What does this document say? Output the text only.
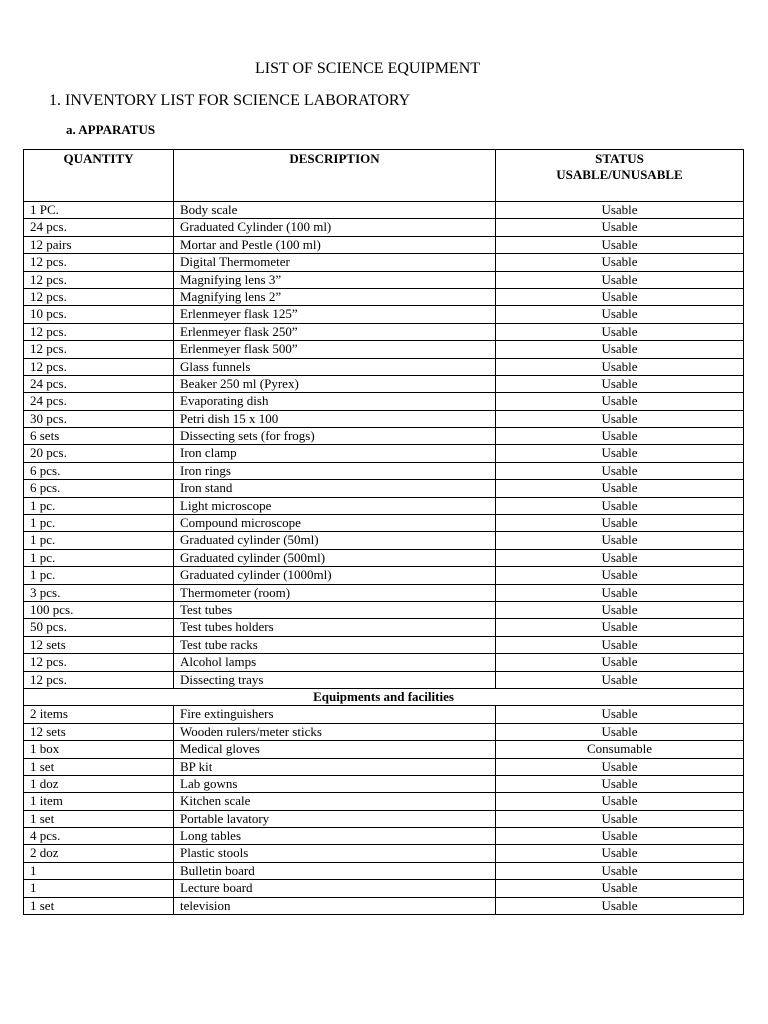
LIST OF SCIENCE EQUIPMENT
1. INVENTORY LIST FOR SCIENCE LABORATORY
a. APPARATUS
QUANTITY	DESCRIPTION	STATUS
USABLE/UNUSABLE

1 PC.	Body scale	Usable
24 pcs.	Graduated Cylinder (100 ml)	Usable
12 pairs	Mortar and Pestle (100 ml)	Usable
12 pcs.	Digital Thermometer	Usable
12 pcs.	Magnifying lens 3”	Usable
12 pcs.	Magnifying lens 2”	Usable
10 pcs.	Erlenmeyer flask 125”	Usable
12 pcs.	Erlenmeyer flask 250”	Usable
12 pcs.	Erlenmeyer flask 500”	Usable
12 pcs.	Glass funnels	Usable
24 pcs.	Beaker 250 ml (Pyrex)	Usable
24 pcs.	Evaporating dish	Usable
30 pcs.	Petri dish 15 x 100	Usable
6 sets	Dissecting sets (for frogs)	Usable
20 pcs.	Iron clamp	Usable
6 pcs.	Iron rings	Usable
6 pcs.	Iron stand	Usable
1 pc.	Light microscope	Usable
1 pc.	Compound microscope	Usable
1 pc.	Graduated cylinder (50ml)	Usable
1 pc.	Graduated cylinder (500ml)	Usable
1 pc.	Graduated cylinder (1000ml)	Usable
3 pcs.	Thermometer (room)	Usable
100 pcs.	Test tubes	Usable
50 pcs.	Test tubes holders	Usable
12 sets	Test tube racks	Usable
12 pcs.	Alcohol lamps	Usable
12 pcs.	Dissecting trays	Usable
Equipments and facilities		
2 items	Fire extinguishers	Usable
12 sets	Wooden rulers/meter sticks	Usable
1 box	Medical gloves	Consumable
1 set	BP kit	Usable
1 doz	Lab gowns	Usable
1 item	Kitchen scale	Usable
1 set	Portable lavatory	Usable
4 pcs.	Long tables	Usable
2 doz	Plastic stools	Usable
1	Bulletin board	Usable
1	Lecture board	Usable
1 set	television	Usable
